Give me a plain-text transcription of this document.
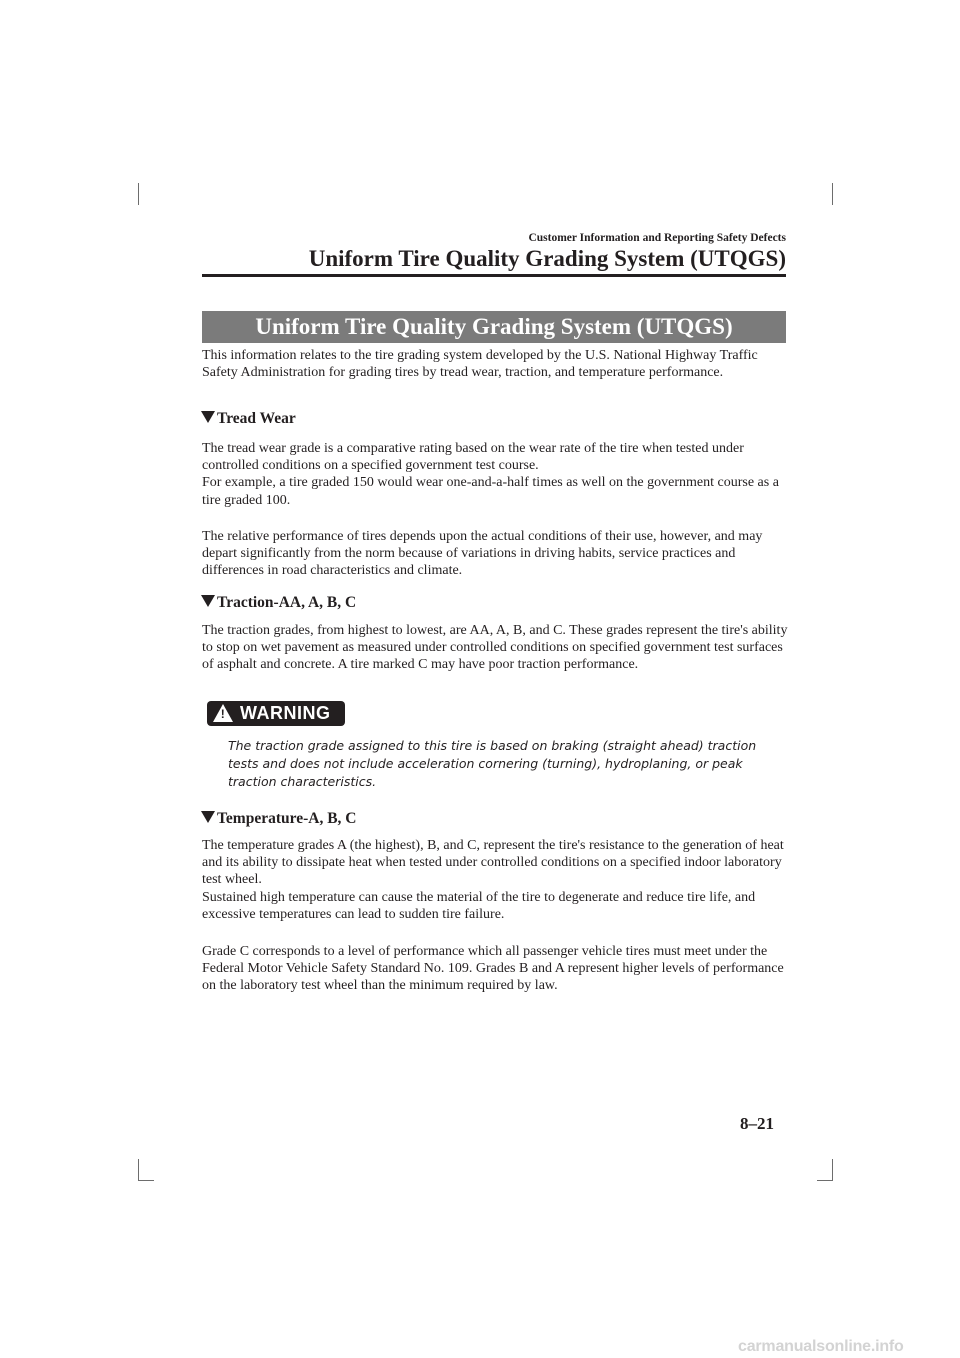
Customer Information and Reporting Safety Defects
Uniform Tire Quality Grading System (UTQGS)
Uniform Tire Quality Grading System (UTQGS)

This information relates to the tire grading system developed by the U.S. National Highway Traffic Safety Administration for grading tires by tread wear, traction, and temperature performance.

Tread Wear

The tread wear grade is a comparative rating based on the wear rate of the tire when tested under controlled conditions on a specified government test course.

For example, a tire graded 150 would wear one-and-a-half times as well on the government course as a tire graded 100.

The relative performance of tires depends upon the actual conditions of their use, however, and may depart significantly from the norm because of variations in driving habits, service practices and differences in road characteristics and climate.

Traction-AA, A, B, C

The traction grades, from highest to lowest, are AA, A, B, and C. These grades represent the tire's ability to stop on wet pavement as measured under controlled conditions on specified government test surfaces of asphalt and concrete. A tire marked C may have poor traction performance.

! WARNING
The traction grade assigned to this tire is based on braking (straight ahead) traction tests and does not include acceleration cornering (turning), hydroplaning, or peak traction characteristics.
Temperature-A, B, C

The temperature grades A (the highest), B, and C, represent the tire's resistance to the generation of heat and its ability to dissipate heat when tested under controlled conditions on a specified indoor laboratory test wheel.

Sustained high temperature can cause the material of the tire to degenerate and reduce tire life, and excessive temperatures can lead to sudden tire failure.

Grade C corresponds to a level of performance which all passenger vehicle tires must meet under the Federal Motor Vehicle Safety Standard No. 109. Grades B and A represent higher levels of performance on the laboratory test wheel than the minimum required by law.

8–21
carmanualsonline.info
